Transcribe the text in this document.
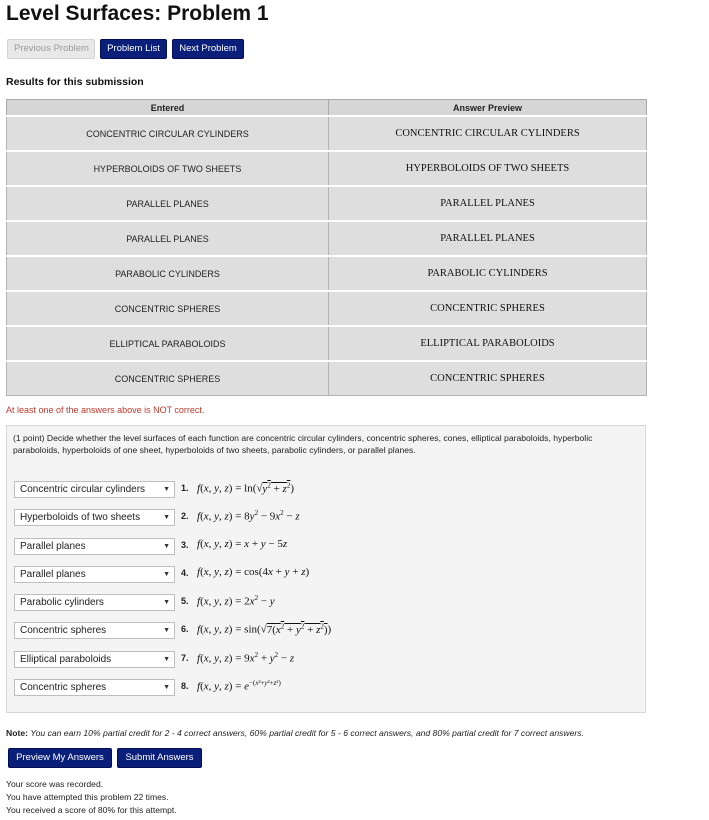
Level Surfaces: Problem 1
Previous Problem	Problem List	Next Problem
Results for this submission
Entered	Answer Preview
CONCENTRIC CIRCULAR CYLINDERS	CONCENTRIC CIRCULAR CYLINDERS
HYPERBOLOIDS OF TWO SHEETS	HYPERBOLOIDS OF TWO SHEETS
PARALLEL PLANES	PARALLEL PLANES
PARALLEL PLANES	PARALLEL PLANES
PARABOLIC CYLINDERS	PARABOLIC CYLINDERS
CONCENTRIC SPHERES	CONCENTRIC SPHERES
ELLIPTICAL PARABOLOIDS	ELLIPTICAL PARABOLOIDS
CONCENTRIC SPHERES	CONCENTRIC SPHERES
At least one of the answers above is NOT correct.
(1 point) Decide whether the level surfaces of each function are concentric circular cylinders, concentric spheres, cones, elliptical paraboloids, hyperbolic paraboloids, hyperboloids of one sheet, hyperboloids of two sheets, parabolic cylinders, or parallel planes.
Concentric circular cylinders	▼ 1. f(x, y, $z) = \ln(√y^2 + z^2)$
Hyperboloids of two sheets	▼ 2. f(x, y, $z) = 8y^2 - 9x^2 - z$
Parallel planes	▼ 3. f(x, y, z) = x + y − 5z
Parallel planes	▼ 4. f(x, y, z) = cos(4x + y + z)
Parabolic cylinders	▼ 5. f(x, y, $z) = 2x^2 - y$
Concentric spheres	▼ 6. f(x, y, $z) = \sin(√7(x^2 + y^2 + z^2))$
Elliptical paraboloids	▼ 7. f(x, y, $z) = 9x^2 + y^2 - z$
Concentric spheres	▼ 8. f(x, y, $z) = e^{-(x^2+y^2+z^2)}$
Note: You can earn 10% partial credit for 2 - 4 correct answers, 60% partial credit for 5 - 6 correct answers, and 80% partial credit for 7 correct answers.
Preview My Answers	Submit Answers
Your score was recorded.
You have attempted this problem 22 times.
You received a score of 80% for this attempt.
